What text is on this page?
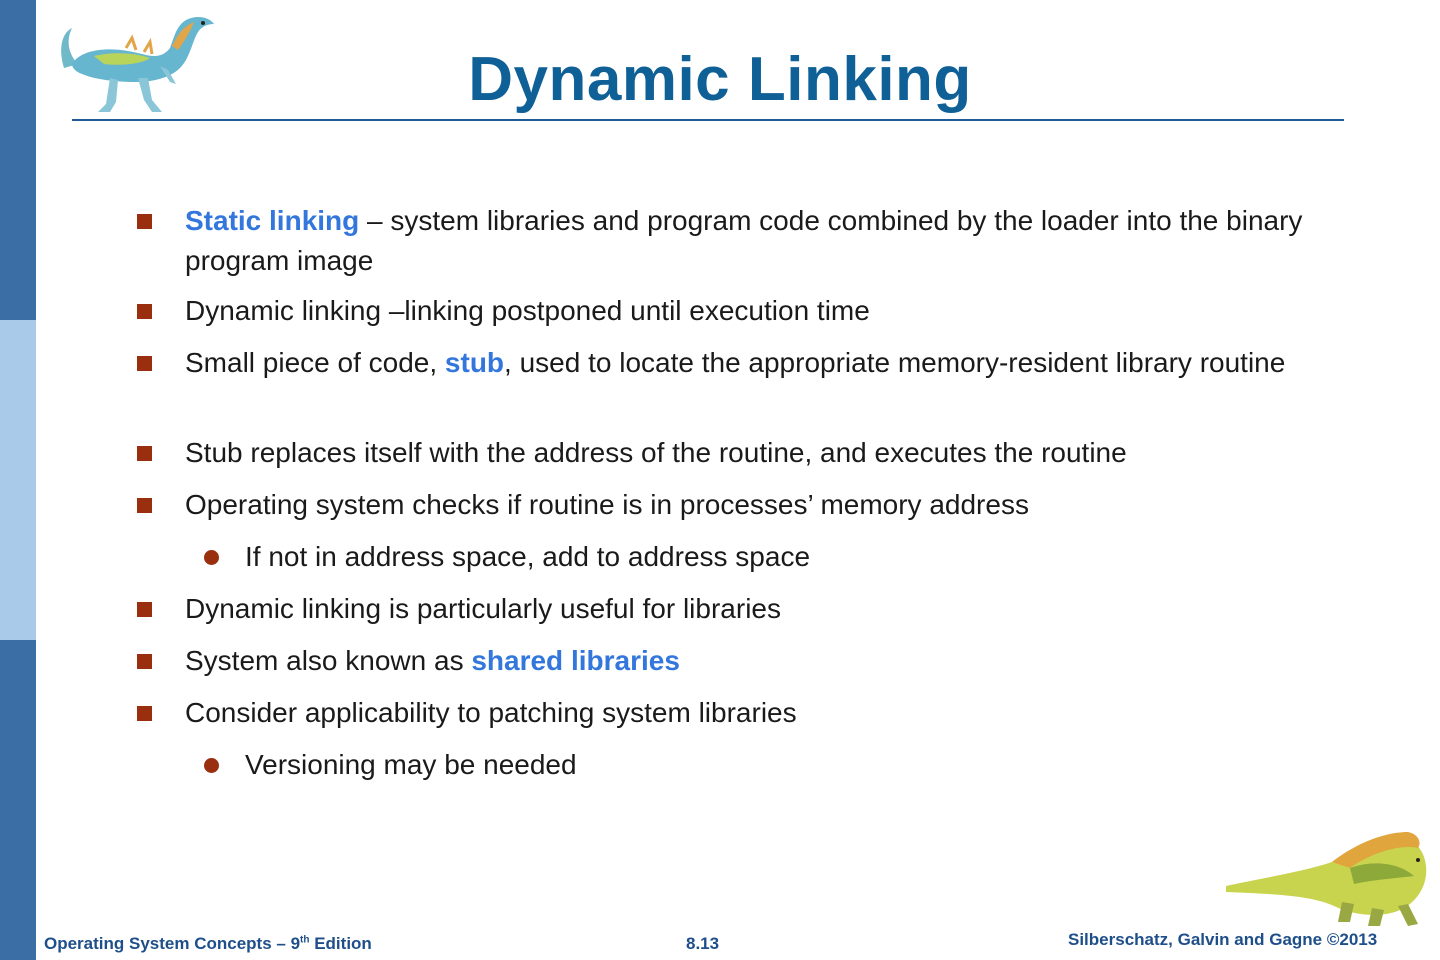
Dynamic Linking
Static linking – system libraries and program code combined by the loader into the binary program image
Dynamic linking –linking postponed until execution time
Small piece of code, stub, used to locate the appropriate memory-resident library routine
Stub replaces itself with the address of the routine, and executes the routine
Operating system checks if routine is in processes’ memory address
If not in address space, add to address space
Dynamic linking is particularly useful for libraries
System also known as shared libraries
Consider applicability to patching system libraries
Versioning may be needed
Operating System Concepts – 9th Edition	8.13	Silberschatz, Galvin and Gagne ©2013
